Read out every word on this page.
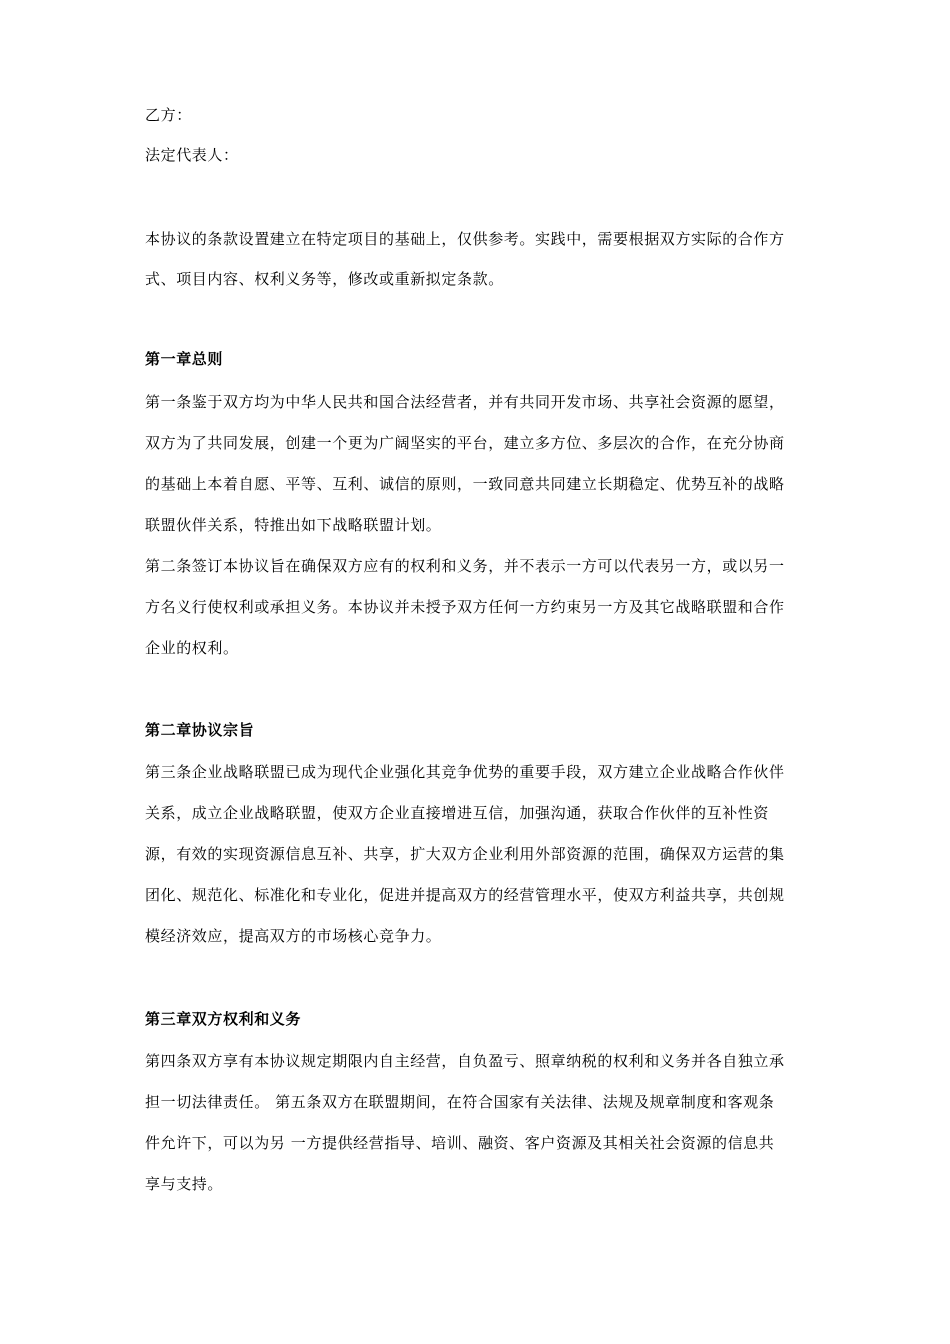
乙方：
法定代表人：
本协议的条款设置建立在特定项目的基础上，仅供参考。实践中，需要根据双方实际的合作方
式、项目内容、权利义务等，修改或重新拟定条款。
第一章总则
第一条鉴于双方均为中华人民共和国合法经营者，并有共同开发市场、共享社会资源的愿望，
双方为了共同发展，创建一个更为广阔坚实的平台，建立多方位、多层次的合作，在充分协商
的基础上本着自愿、平等、互利、诚信的原则，一致同意共同建立长期稳定、优势互补的战略
联盟伙伴关系，特推出如下战略联盟计划。
第二条签订本协议旨在确保双方应有的权利和义务，并不表示一方可以代表另一方，或以另一
方名义行使权利或承担义务。本协议并未授予双方任何一方约束另一方及其它战略联盟和合作
企业的权利。
第二章协议宗旨
第三条企业战略联盟已成为现代企业强化其竞争优势的重要手段，双方建立企业战略合作伙伴
关系，成立企业战略联盟，使双方企业直接增进互信，加强沟通，获取合作伙伴的互补性资
源，有效的实现资源信息互补、共享，扩大双方企业利用外部资源的范围，确保双方运营的集
团化、规范化、标准化和专业化，促进并提高双方的经营管理水平，使双方利益共享，共创规
模经济效应，提高双方的市场核心竞争力。
第三章双方权利和义务
第四条双方享有本协议规定期限内自主经营，自负盈亏、照章纳税的权利和义务并各自独立承
担一切法律责任。 第五条双方在联盟期间，在符合国家有关法律、法规及规章制度和客观条
件允许下，可以为另 一方提供经营指导、培训、融资、客户资源及其相关社会资源的信息共
享与支持。
